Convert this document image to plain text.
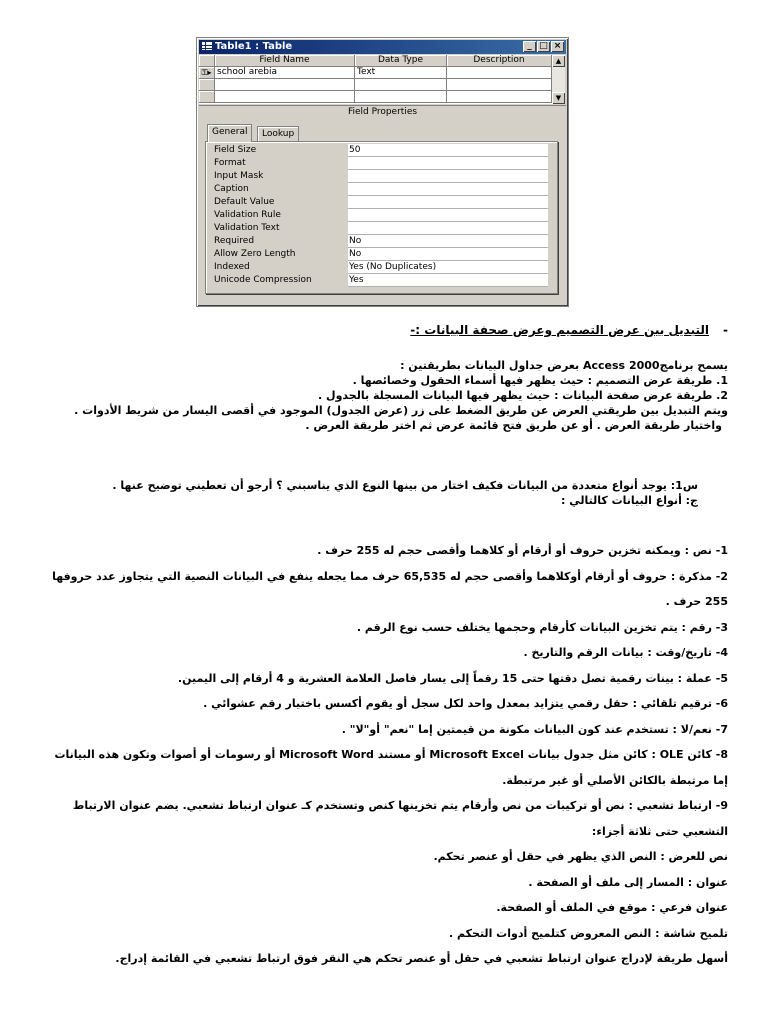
Table1 : Table	_ □ ×
Field Name	Data Type	Description
⚿▸ school arebia	Text
▲
▼
Field Properties
General	Lookup
Field Size	50
Format
Input Mask
Caption
Default Value
Validation Rule
Validation Text
Required	No
Allow Zero Length	No
Indexed	Yes (No Duplicates)
Unicode Compression	Yes
-التبديل بين عرض التصميم وعرض صحفة البيانات :-

يسمح برنامج2000 Access بعرض جداول البيانات بطريقتين :

1. طريقة عرض التصميم : حيث يظهر فيها أسماء الحقول وخصائصها .

2. طريقة عرض صفحة البيانات : حيث يظهر فيها البيانات المسجلة بالجدول .

ويتم التبديل بين طريقتي العرض عن طريق الضغط على زر (عرض الجدول) الموجود في أقصى اليسار من شريط الأدوات .

واختيار طريقة العرض . أو عن طريق فتح قائمة عرض ثم اختر طريقة العرض .

س1: يوجد أنواع متعددة من البيانات فكيف اختار من بينها النوع الذي يناسبني ؟ أرجو أن تعطيني توضيح عنها .

ج: أنواع البيانات كالتالي :

1- نص : ويمكنه تخزين حروف أو أرقام أو كلاهما وأقصى حجم له 255 حرف .

2- مذكرة : حروف أو أرقام أوكلاهما وأقصى حجم له 65,535 حرف مما يجعله ينفع في البيانات النصية التي يتجاوز عدد حروفها 255 حرف .

3- رقم : يتم تخزين البيانات كأرقام وحجمها يختلف حسب نوع الرقم .

4- تاريخ/وقت : بيانات الرقم والتاريخ .

5- عملة : بينات رقمية تصل دقتها حتى 15 رقماً إلى يسار فاصل العلامة العشرية و 4 أرقام إلى اليمين.

6- ترقيم تلقائي : حقل رقمي يتزايد بمعدل واحد لكل سجل أو يقوم أكسس باختيار رقم عشوائي .

7- نعم/لا : تستخدم عند كون البيانات مكونة من قيمتين إما "نعم" أو"لا" .

8- كائن OLE : كائن مثل جدول بيانات Microsoft Excel أو مستند Microsoft Word أو رسومات أو أصوات وتكون هذه البيانات إما مرتبطة بالكائن الأصلي أو غير مرتبطة.

9- ارتباط تشعبي : نص أو تركيبات من نص وأرقام يتم تخزينها كنص وتستخدم كـ عنوان ارتباط تشعبي. يضم عنوان الارتباط التشعبي حتى ثلاثة أجزاء:

نص للعرض : النص الذي يظهر في حقل أو عنصر تحكم.

عنوان : المسار إلى ملف أو الصفحة .

عنوان فرعي : موقع في الملف أو الصفحة.

تلميح شاشة : النص المعروض كتلميح أدوات التحكم .

أسهل طريقة لإدراج عنوان ارتباط تشعبي في حقل أو عنصر تحكم هي النقر فوق ارتباط تشعبي في القائمة إدراج.
